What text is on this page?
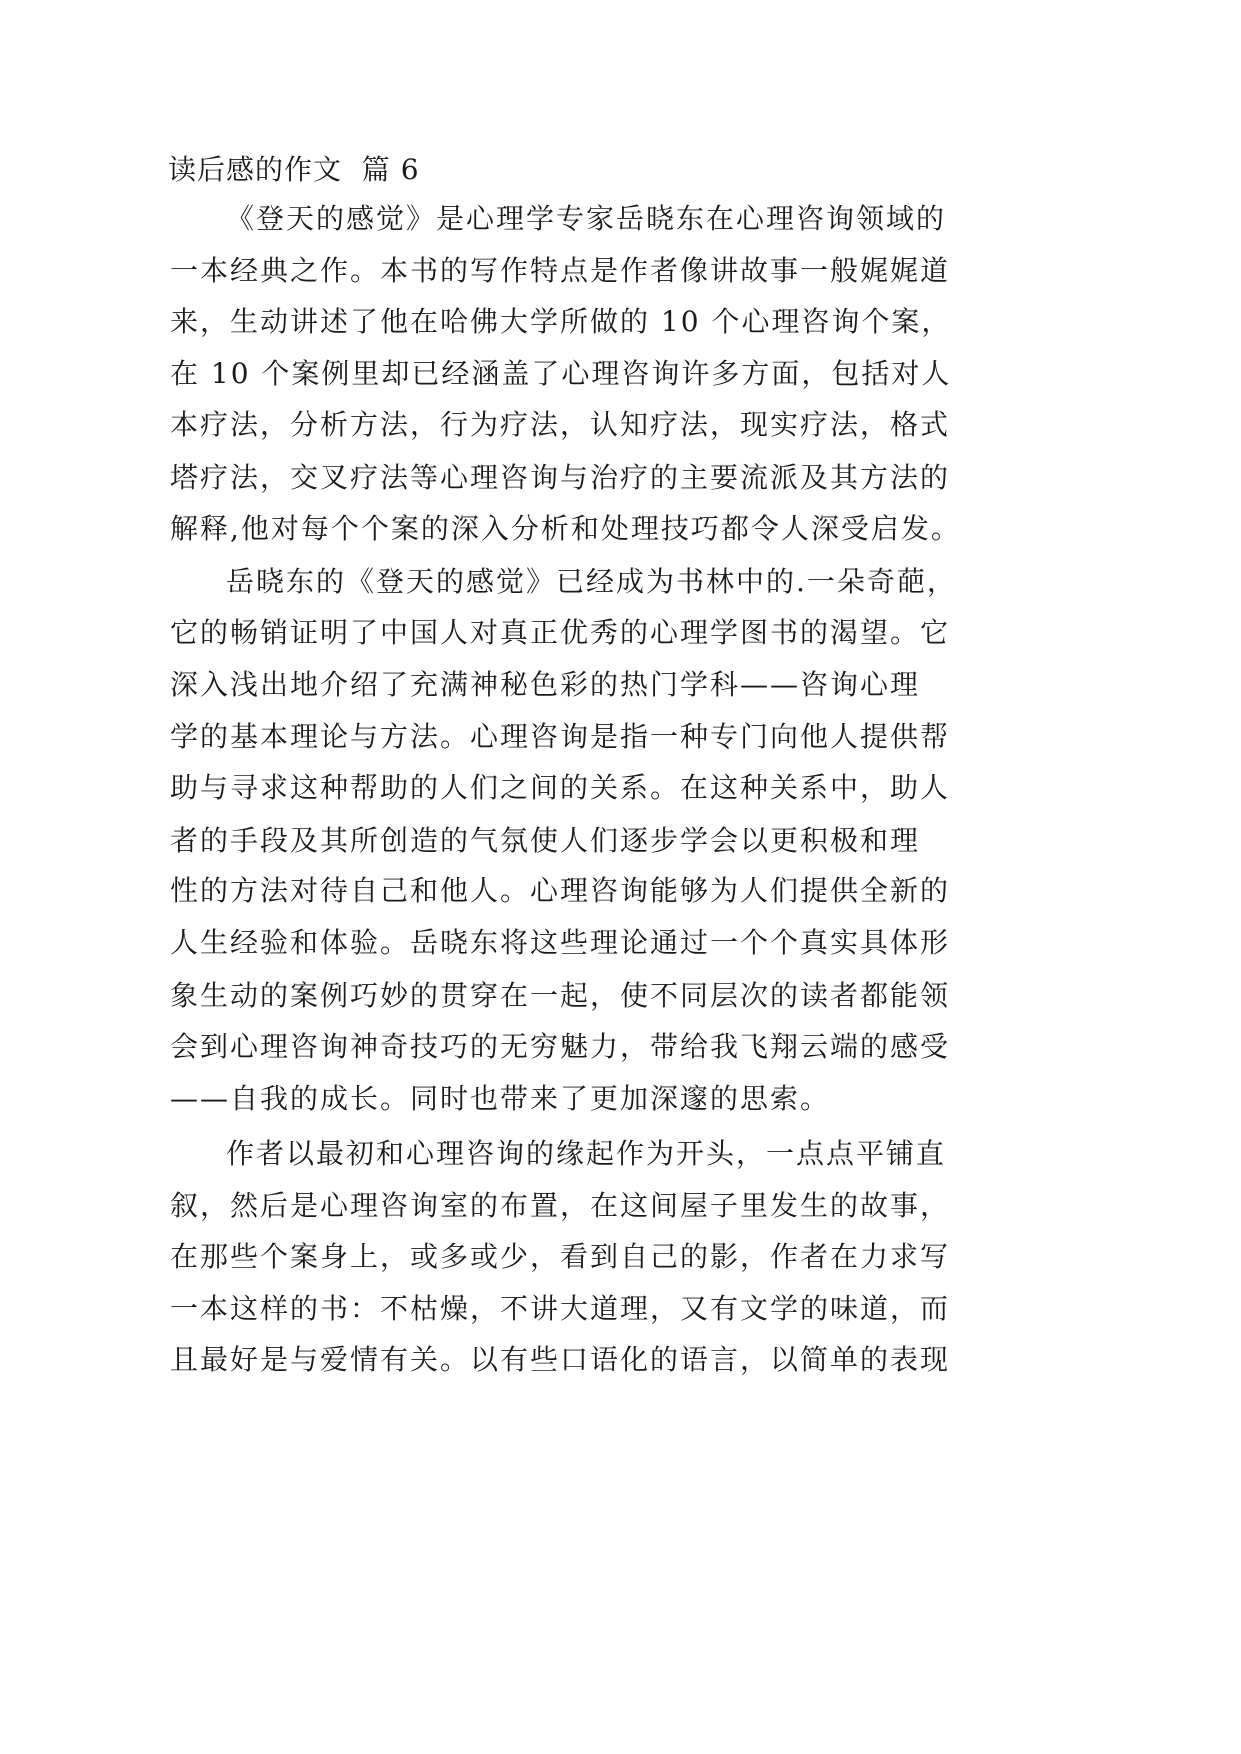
读后感的作文  篇 6
《登天的感觉》是心理学专家岳晓东在心理咨询领域的
一本经典之作。本书的写作特点是作者像讲故事一般娓娓道
来，生动讲述了他在哈佛大学所做的 10 个心理咨询个案，
在 10 个案例里却已经涵盖了心理咨询许多方面，包括对人
本疗法，分析方法，行为疗法，认知疗法，现实疗法，格式
塔疗法，交叉疗法等心理咨询与治疗的主要流派及其方法的
解释,他对每个个案的深入分析和处理技巧都令人深受启发。
岳晓东的《登天的感觉》已经成为书林中的.一朵奇葩，
它的畅销证明了中国人对真正优秀的心理学图书的渴望。它
深入浅出地介绍了充满神秘色彩的热门学科——咨询心理
学的基本理论与方法。心理咨询是指一种专门向他人提供帮
助与寻求这种帮助的人们之间的关系。在这种关系中，助人
者的手段及其所创造的气氛使人们逐步学会以更积极和理
性的方法对待自己和他人。心理咨询能够为人们提供全新的
人生经验和体验。岳晓东将这些理论通过一个个真实具体形
象生动的案例巧妙的贯穿在一起，使不同层次的读者都能领
会到心理咨询神奇技巧的无穷魅力，带给我飞翔云端的感受
——自我的成长。同时也带来了更加深邃的思索。
作者以最初和心理咨询的缘起作为开头，一点点平铺直
叙，然后是心理咨询室的布置，在这间屋子里发生的故事，
在那些个案身上，或多或少，看到自己的影，作者在力求写
一本这样的书：不枯燥，不讲大道理，又有文学的味道，而
且最好是与爱情有关。以有些口语化的语言，以简单的表现
